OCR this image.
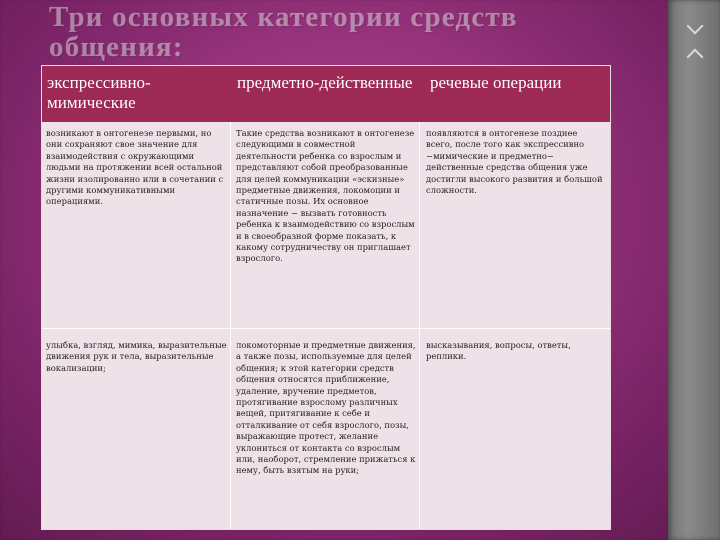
Три основных категории средств
общения:
экспрессивно-мимические
предметно-действенные речевые операции
возникают в онтогенезе первыми, но они сохраняют свое значение для взаимодействия с окружающими людьми на протяжении всей остальной жизни изолированно или в сочетании с другими коммуникативными операциями.
Такие средства возникают в онтогенезе следующими в совместной деятельности ребенка со взрослым и представляют собой преобразованные для целей коммуникации «эскизные» предметные движения, локомоции и статичные позы. Их основное назначение − вызвать готовность ребенка к взаимодействию со взрослым и в своеобразной форме показать, к какому сотрудничеству он приглашает взрослого.
появляются в онтогенезе позднее всего, после того как экспрессивно −мимические и предметно− действенные средства общения уже достигли высокого развития и большой сложности.
улыбка, взгляд, мимика, выразительные движения рук и тела, выразительные вокализации;
локомоторные и предметные движения, а также позы, используемые для целей общения; к этой категории средств общения относятся приближение, удаление, вручение предметов, протягивание взрослому различных вещей, притягивание к себе и отталкивание от себя взрослого, позы, выражающие протест, желание уклониться от контакта со взрослым или, наоборот, стремление прижаться к нему, быть взятым на руки;
высказывания, вопросы, ответы, реплики.
